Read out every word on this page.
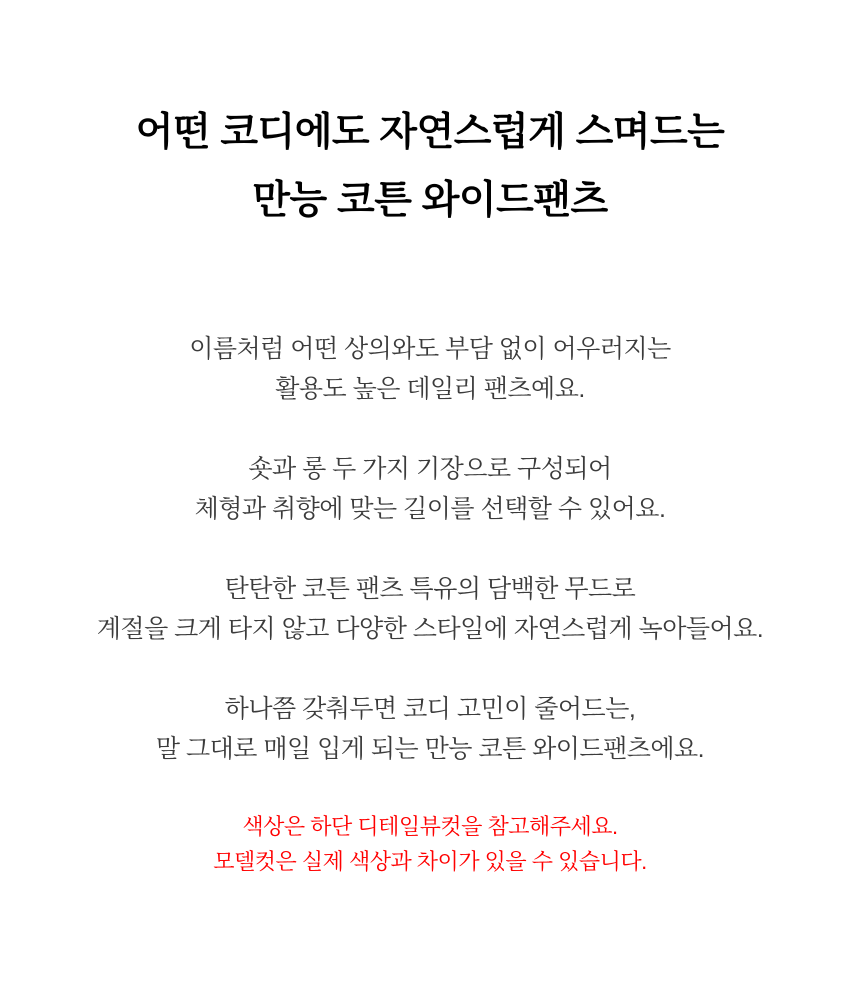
어떤 코디에도 자연스럽게 스며드는
만능 코튼 와이드팬츠

이름처럼 어떤 상의와도 부담 없이 어우러지는
활용도 높은 데일리 팬츠예요.

숏과 롱 두 가지 기장으로 구성되어
체형과 취향에 맞는 길이를 선택할 수 있어요.

탄탄한 코튼 팬츠 특유의 담백한 무드로
계절을 크게 타지 않고 다양한 스타일에 자연스럽게 녹아들어요.

하나쯤 갖춰두면 코디 고민이 줄어드는,
말 그대로 매일 입게 되는 만능 코튼 와이드팬츠에요.

색상은 하단 디테일뷰컷을 참고해주세요.
모델컷은 실제 색상과 차이가 있을 수 있습니다.
